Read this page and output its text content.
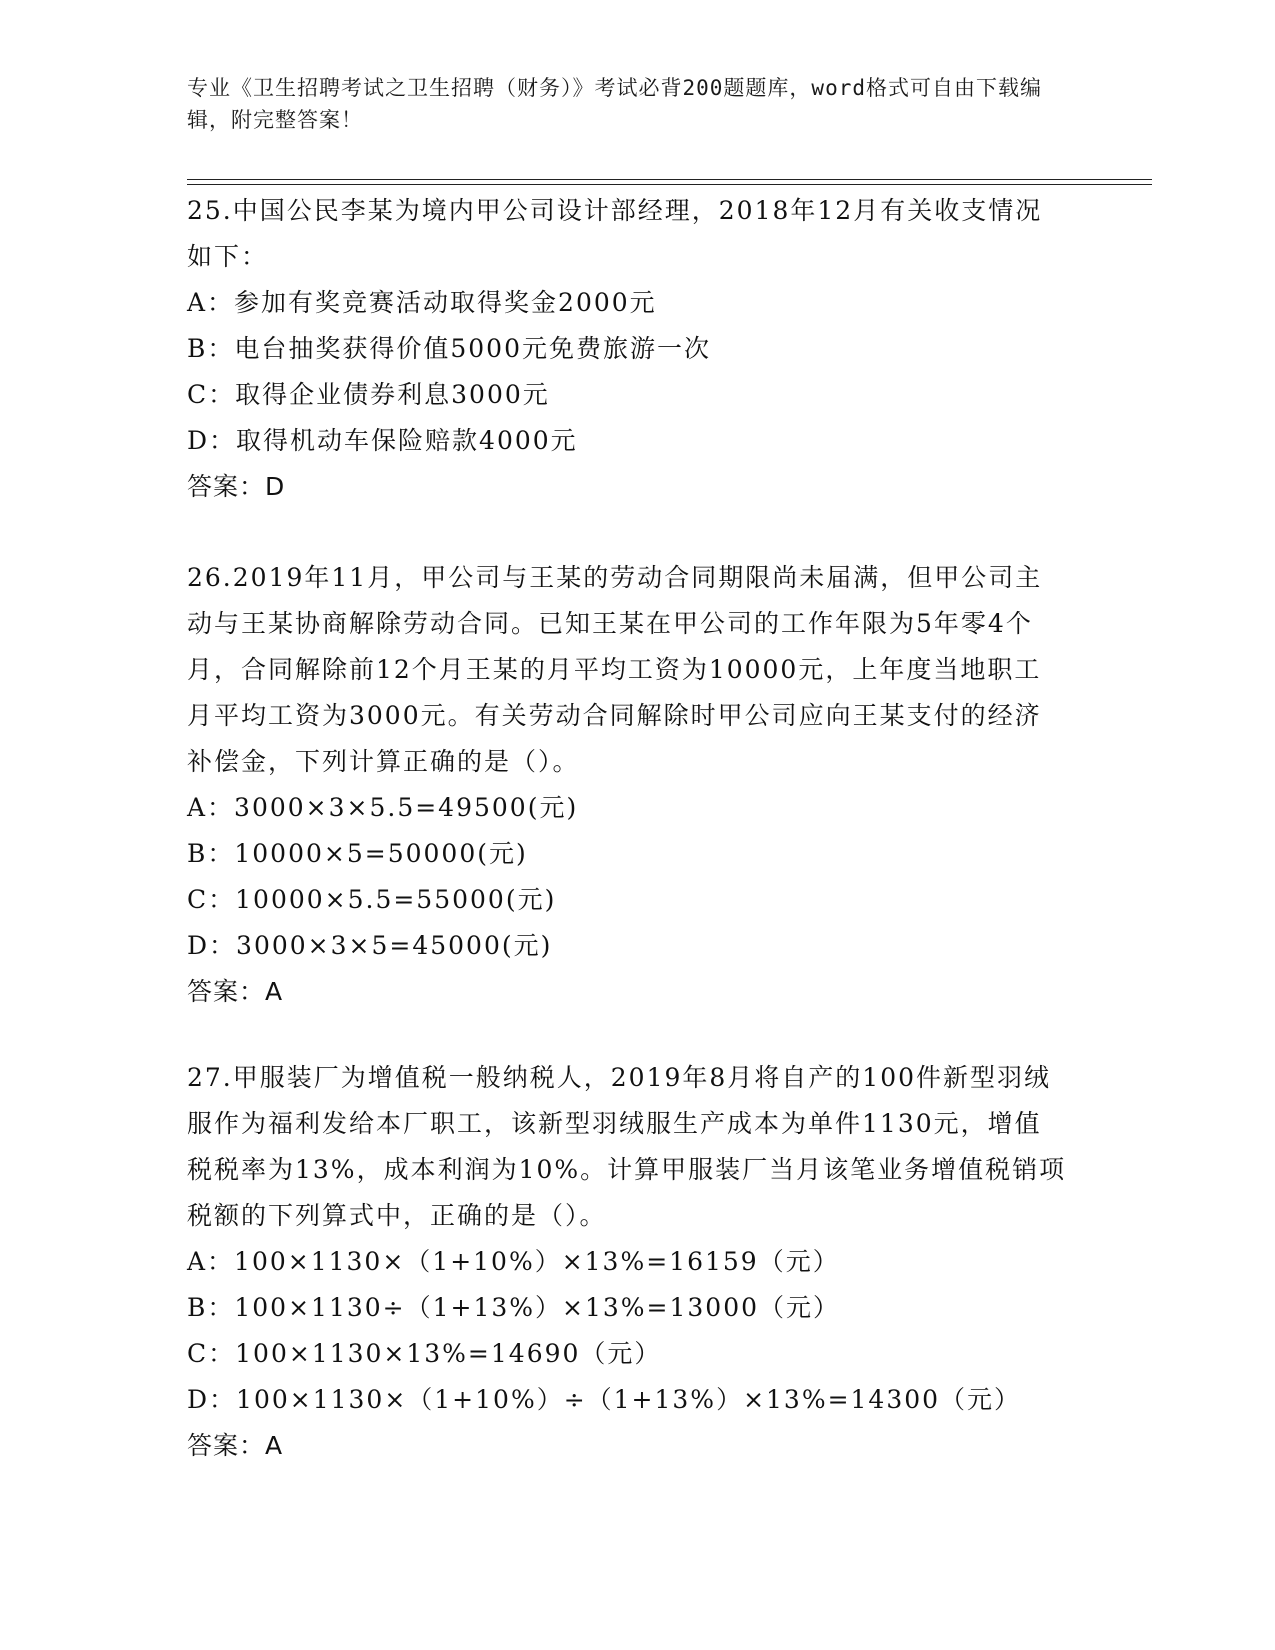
专业《卫生招聘考试之卫生招聘（财务）》考试必背200题题库，word格式可自由下载编辑，附完整答案！

25.中国公民李某为境内甲公司设计部经理，2018年12月有关收支情况如下：

A：参加有奖竞赛活动取得奖金2000元

B：电台抽奖获得价值5000元免费旅游一次

C：取得企业债券利息3000元

D：取得机动车保险赔款4000元

答案：D

26.2019年11月，甲公司与王某的劳动合同期限尚未届满，但甲公司主动与王某协商解除劳动合同。已知王某在甲公司的工作年限为5年零4个月，合同解除前12个月王某的月平均工资为10000元，上年度当地职工月平均工资为3000元。有关劳动合同解除时甲公司应向王某支付的经济补偿金，下列计算正确的是（）。

A：3000×3×5.5=49500(元)

B：10000×5=50000(元)

C：10000×5.5=55000(元)

D：3000×3×5=45000(元)

答案：A

27.甲服装厂为增值税一般纳税人，2019年8月将自产的100件新型羽绒服作为福利发给本厂职工，该新型羽绒服生产成本为单件1130元，增值税税率为13%，成本利润为10%。计算甲服装厂当月该笔业务增值税销项税额的下列算式中，正确的是（）。

A：100×1130×（1+10%）×13%=16159（元）

B：100×1130÷（1+13%）×13%=13000（元）

C：100×1130×13%=14690（元）

D：100×1130×（1+10%）÷（1+13%）×13%=14300（元）

答案：A
